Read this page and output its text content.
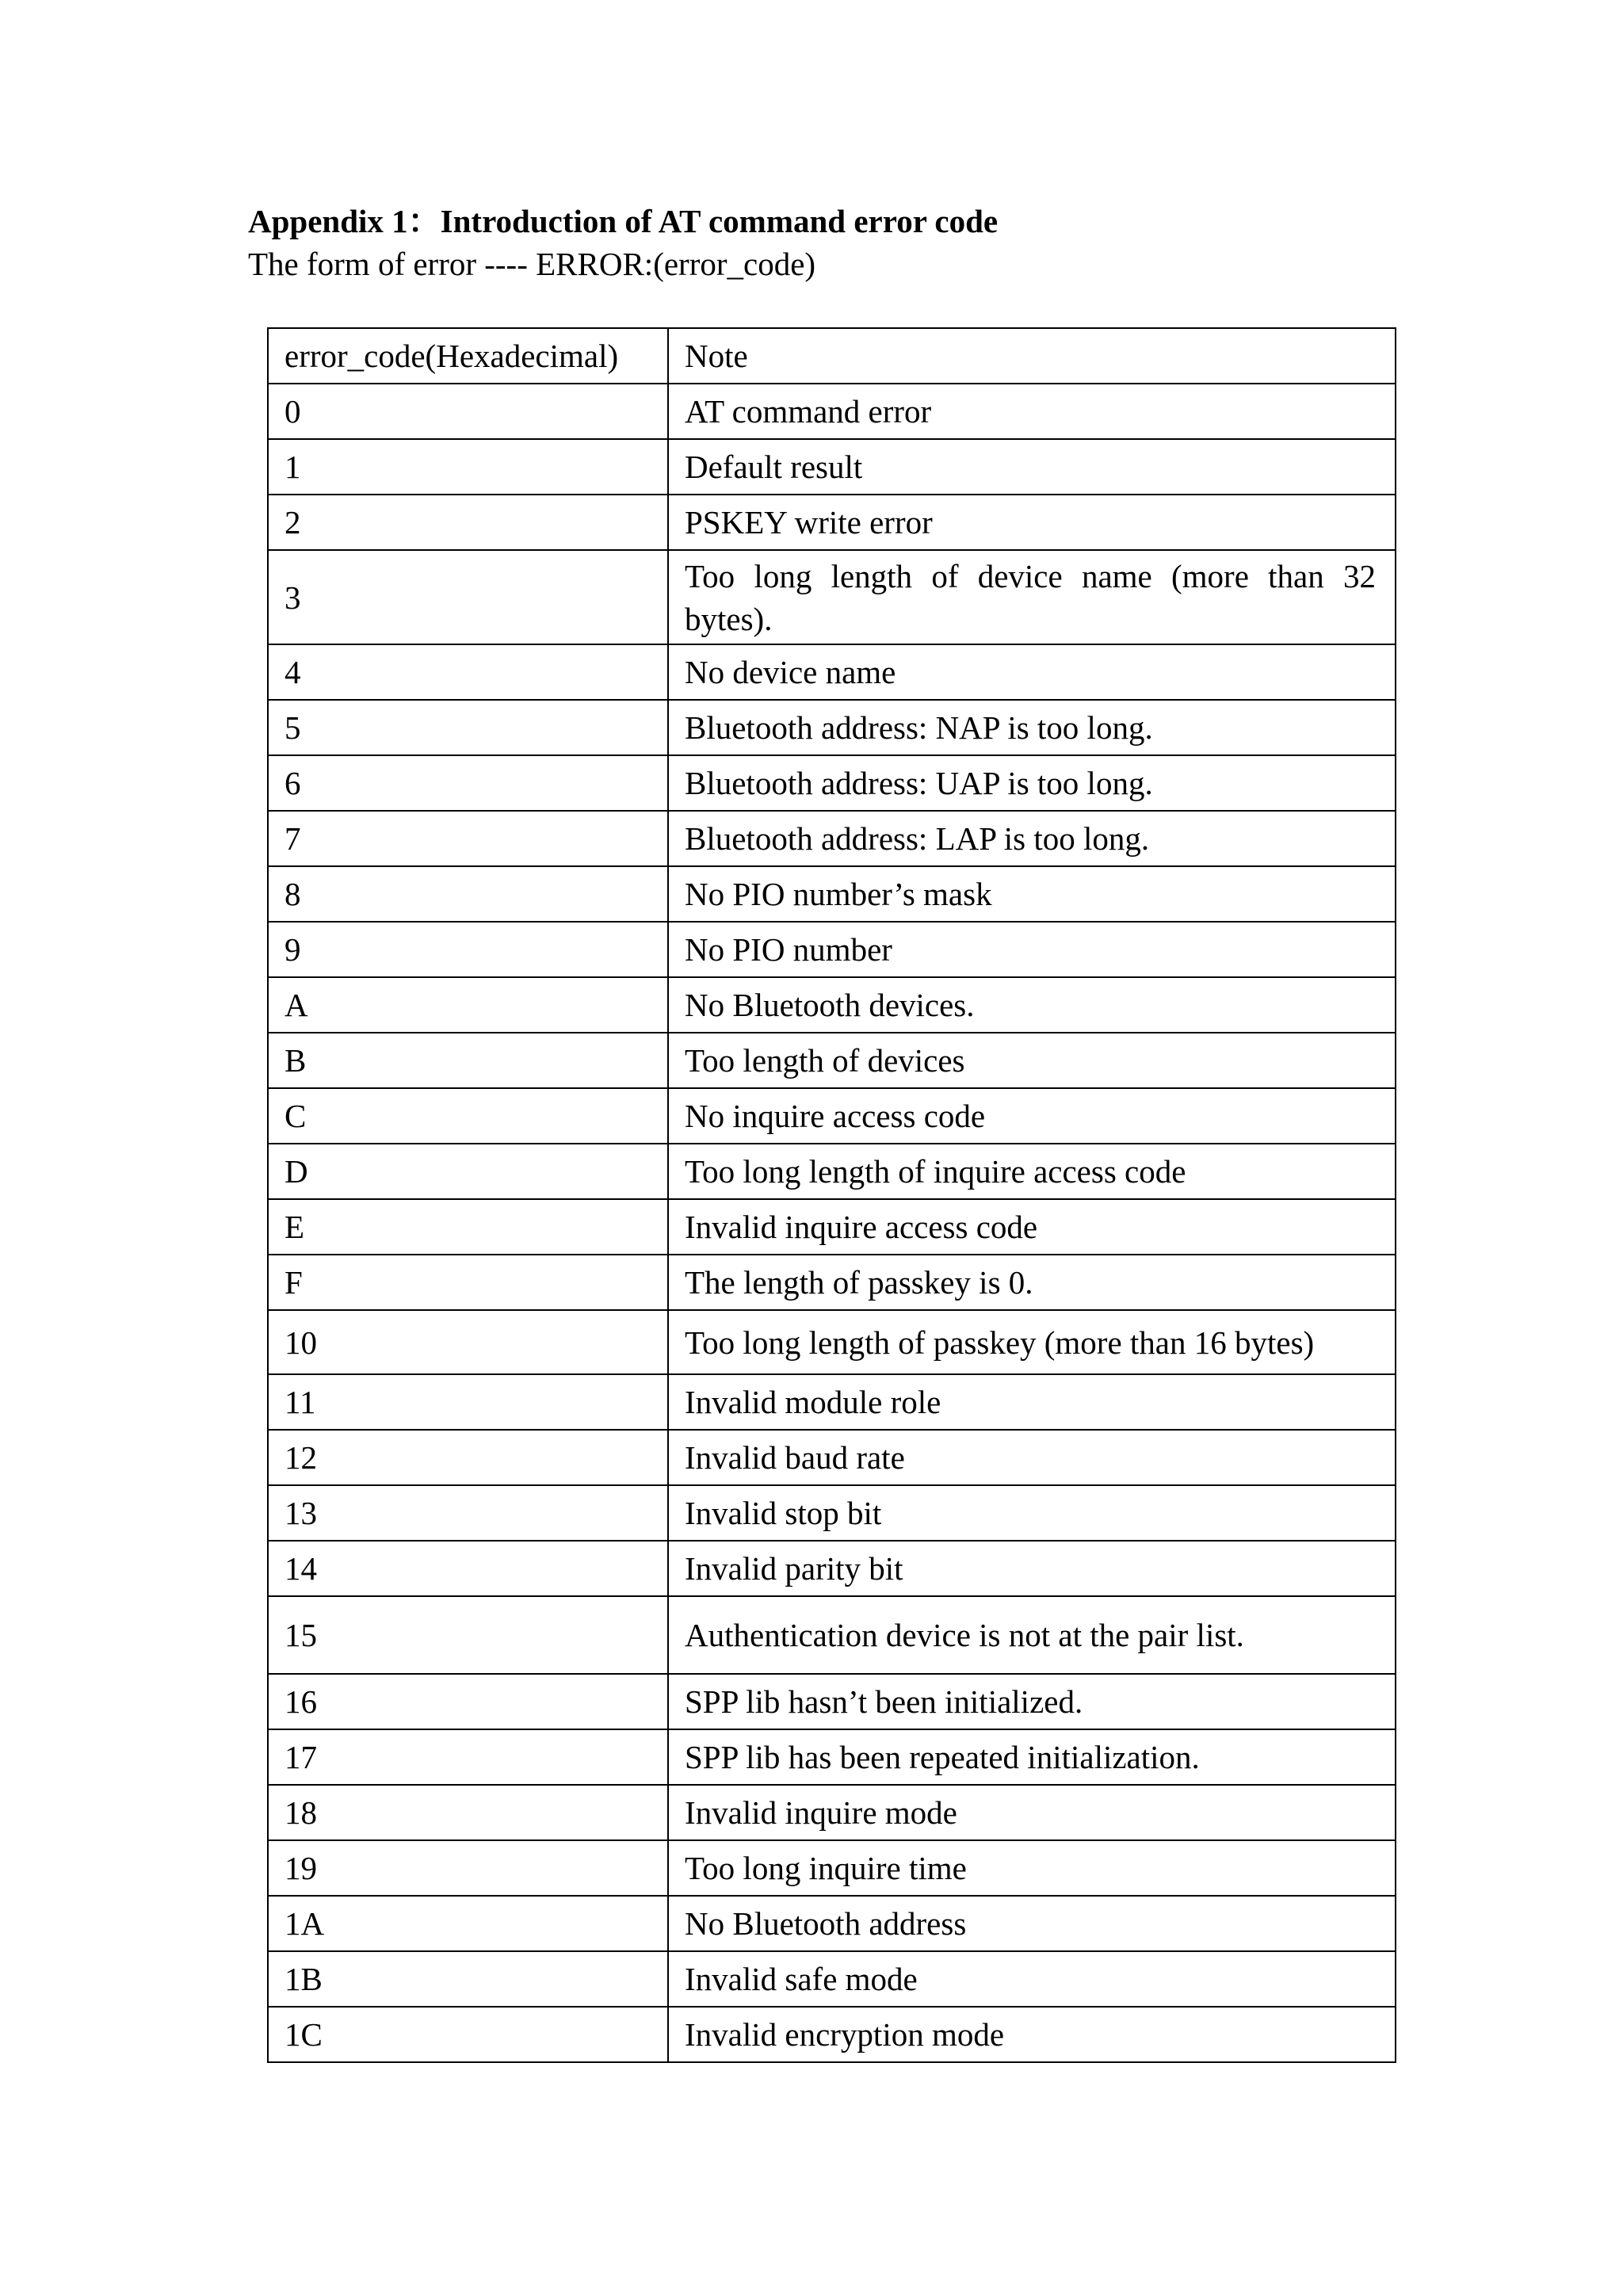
Appendix 1：Introduction of AT command error code
The form of error ---- ERROR:(error_code)
error_code(Hexadecimal)	Note
0	AT command error
1	Default result
2	PSKEY write error
3	Too long length of device name (more than 32 bytes).
4	No device name
5	Bluetooth address: NAP is too long.
6	Bluetooth address: UAP is too long.
7	Bluetooth address: LAP is too long.
8	No PIO number’s mask
9	No PIO number
A	No Bluetooth devices.
B	Too length of devices
C	No inquire access code
D	Too long length of inquire access code
E	Invalid inquire access code
F	The length of passkey is 0.
10	Too long length of passkey (more than 16 bytes)
11	Invalid module role
12	Invalid baud rate
13	Invalid stop bit
14	Invalid parity bit
15	Authentication device is not at the pair list.
16	SPP lib hasn’t been initialized.
17	SPP lib has been repeated initialization.
18	Invalid inquire mode
19	Too long inquire time
1A	No Bluetooth address
1B	Invalid safe mode
1C	Invalid encryption mode
